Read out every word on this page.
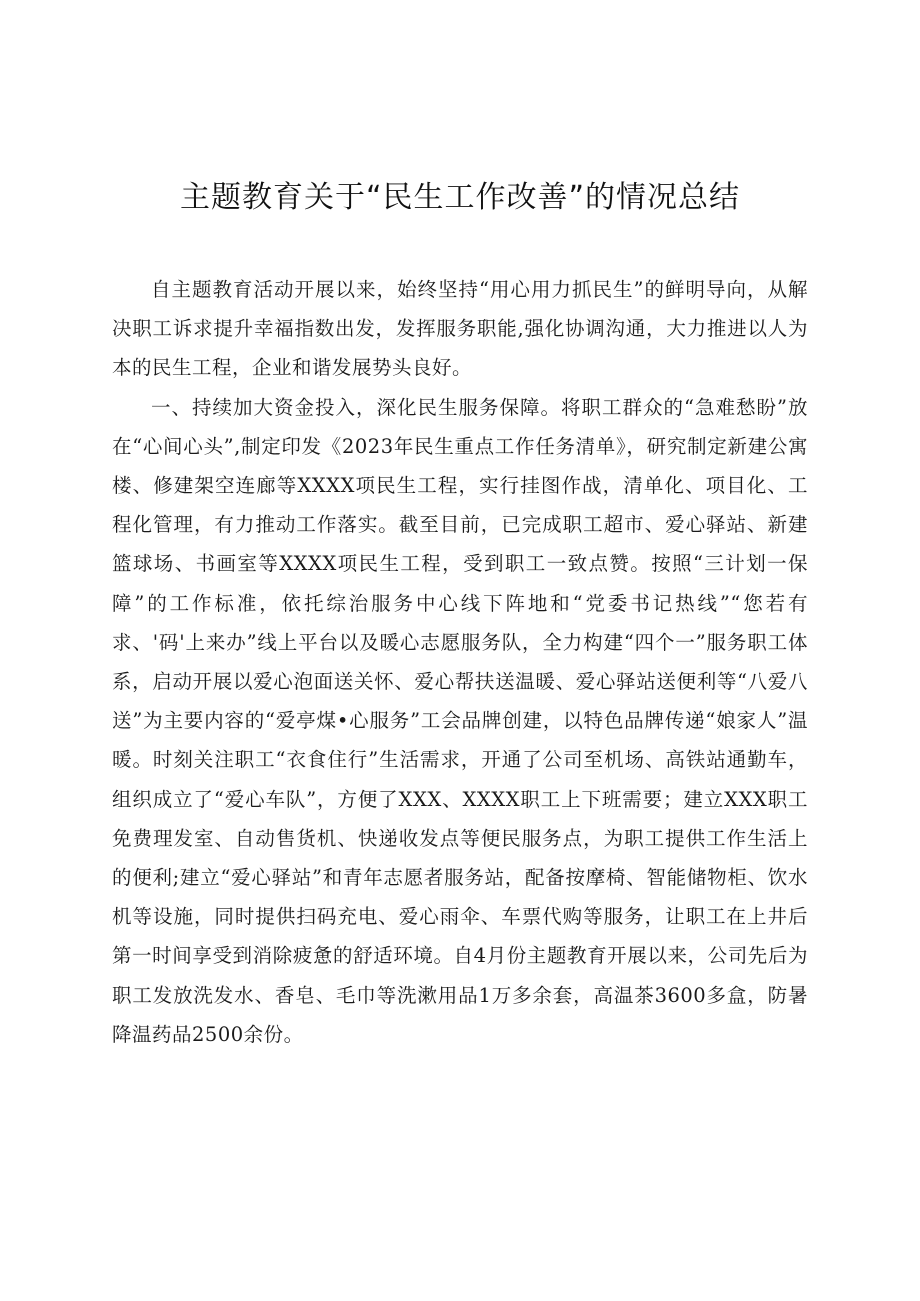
主题教育关于“民生工作改善”的情况总结

自主题教育活动开展以来，始终坚持“用心用力抓民生”的鲜明导向，从解决职工诉求提升幸福指数出发，发挥服务职能,强化协调沟通，大力推进以人为本的民生工程，企业和谐发展势头良好。

一、持续加大资金投入，深化民生服务保障。将职工群众的“急难愁盼”放在“心间心头”,制定印发《2023年民生重点工作任务清单》，研究制定新建公寓楼、修建架空连廊等XXXX项民生工程，实行挂图作战，清单化、项目化、工程化管理，有力推动工作落实。截至目前，已完成职工超市、爱心驿站、新建篮球场、书画室等XXXX项民生工程，受到职工一致点赞。按照“三计划一保障”的工作标准，依托综治服务中心线下阵地和“党委书记热线”“您若有求、'码'上来办”线上平台以及暖心志愿服务队，全力构建“四个一”服务职工体系，启动开展以爱心泡面送关怀、爱心帮扶送温暖、爱心驿站送便利等“八爱八送”为主要内容的“爱亭煤•心服务”工会品牌创建，以特色品牌传递“娘家人”温暖。时刻关注职工“衣食住行”生活需求，开通了公司至机场、高铁站通勤车，组织成立了“爱心车队”，方便了XXX、XXXX职工上下班需要；建立XXX职工免费理发室、自动售货机、快递收发点等便民服务点，为职工提供工作生活上的便利;建立“爱心驿站”和青年志愿者服务站，配备按摩椅、智能储物柜、饮水机等设施，同时提供扫码充电、爱心雨伞、车票代购等服务，让职工在上井后第一时间享受到消除疲惫的舒适环境。自4月份主题教育开展以来，公司先后为职工发放洗发水、香皂、毛巾等洗漱用品1万多余套，高温茶3600多盒，防暑降温药品2500余份。
